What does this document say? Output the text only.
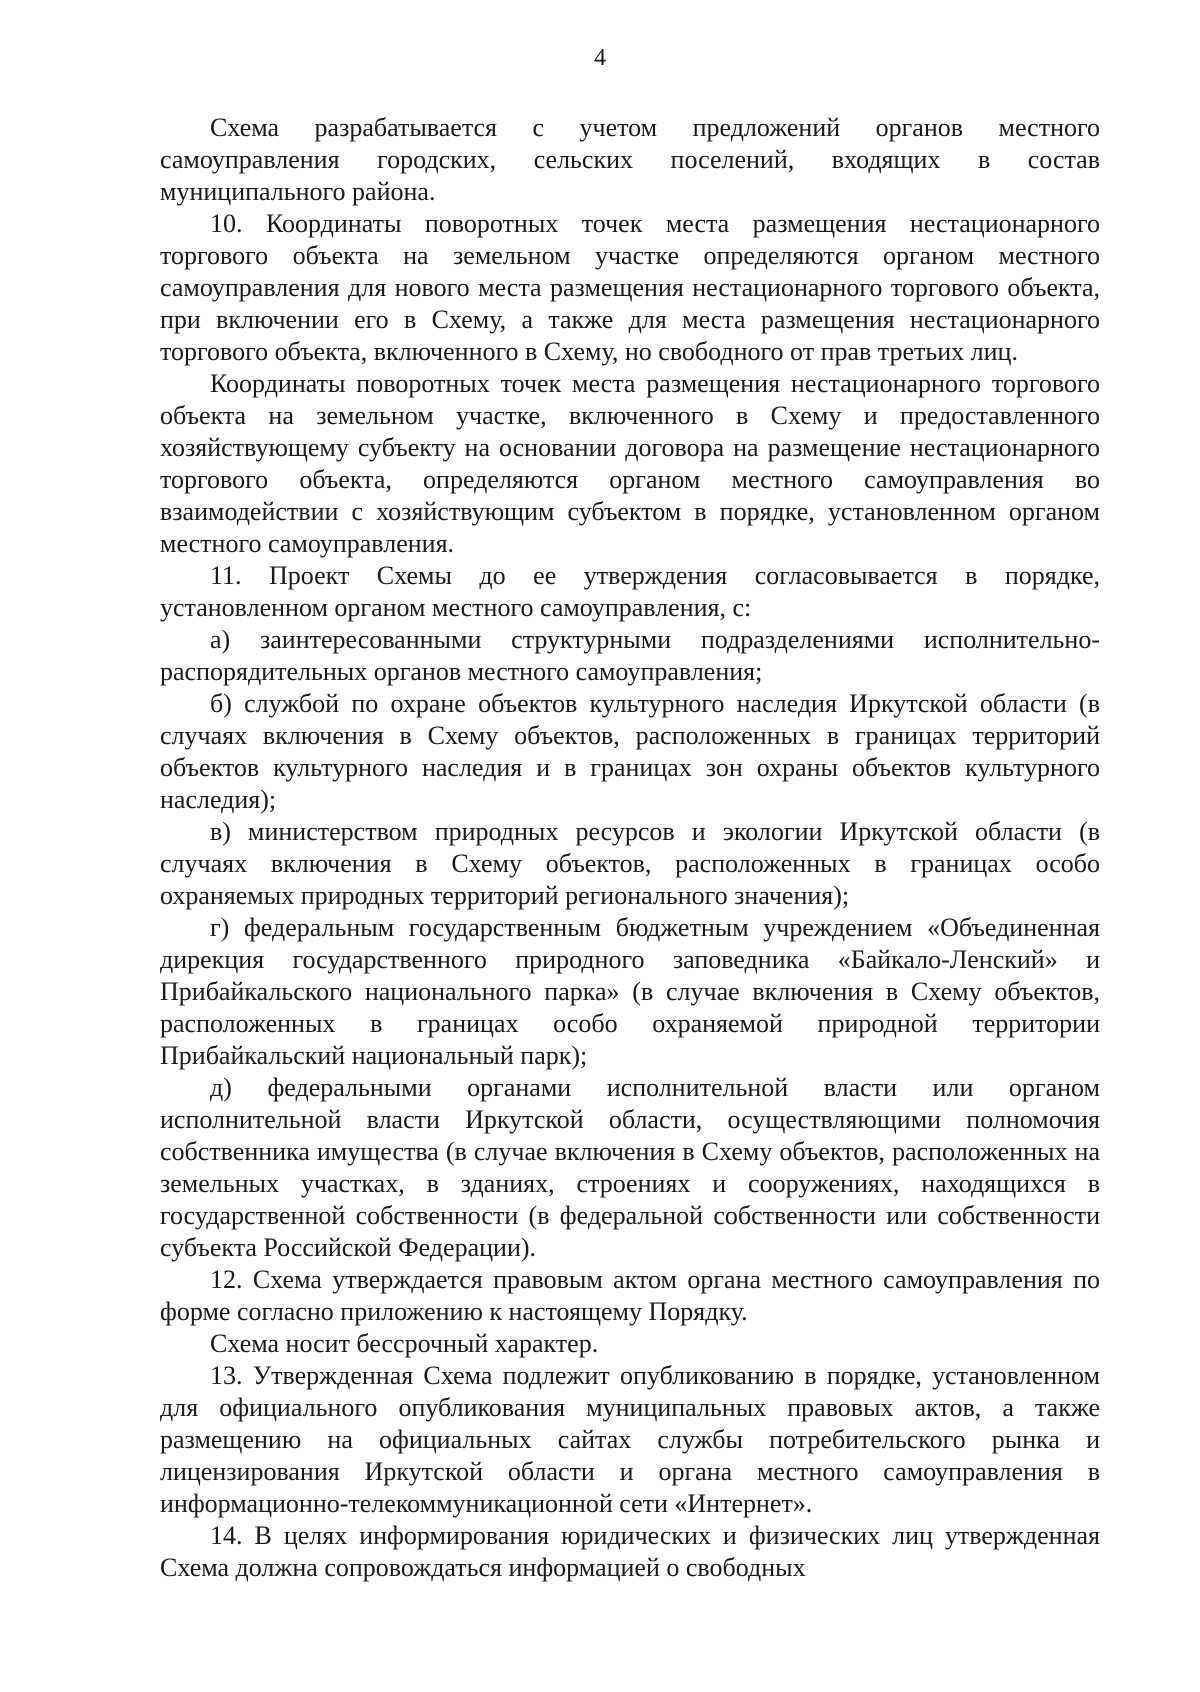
4

Схема разрабатывается с учетом предложений органов местного самоуправления городских, сельских поселений, входящих в состав муниципального района.

10. Координаты поворотных точек места размещения нестационарного торгового объекта на земельном участке определяются органом местного самоуправления для нового места размещения нестационарного торгового объекта, при включении его в Схему, а также для места размещения нестационарного торгового объекта, включенного в Схему, но свободного от прав третьих лиц.

Координаты поворотных точек места размещения нестационарного торгового объекта на земельном участке, включенного в Схему и предоставленного хозяйствующему субъекту на основании договора на размещение нестационарного торгового объекта, определяются органом местного самоуправления во взаимодействии с хозяйствующим субъектом в порядке, установленном органом местного самоуправления.

11. Проект Схемы до ее утверждения согласовывается в порядке, установленном органом местного самоуправления, с:

а) заинтересованными структурными подразделениями исполнительно-распорядительных органов местного самоуправления;

б) службой по охране объектов культурного наследия Иркутской области (в случаях включения в Схему объектов, расположенных в границах территорий объектов культурного наследия и в границах зон охраны объектов культурного наследия);

в) министерством природных ресурсов и экологии Иркутской области (в случаях включения в Схему объектов, расположенных в границах особо охраняемых природных территорий регионального значения);

г) федеральным государственным бюджетным учреждением «Объединенная дирекция государственного природного заповедника «Байкало-Ленский» и Прибайкальского национального парка» (в случае включения в Схему объектов, расположенных в границах особо охраняемой природной территории Прибайкальский национальный парк);

д) федеральными органами исполнительной власти или органом исполнительной власти Иркутской области, осуществляющими полномочия собственника имущества (в случае включения в Схему объектов, расположенных на земельных участках, в зданиях, строениях и сооружениях, находящихся в государственной собственности (в федеральной собственности или собственности субъекта Российской Федерации).

12. Схема утверждается правовым актом органа местного самоуправления по форме согласно приложению к настоящему Порядку.

Схема носит бессрочный характер.

13. Утвержденная Схема подлежит опубликованию в порядке, установленном для официального опубликования муниципальных правовых актов, а также размещению на официальных сайтах службы потребительского рынка и лицензирования Иркутской области и органа местного самоуправления в информационно-телекоммуникационной сети «Интернет».

14. В целях информирования юридических и физических лиц утвержденная Схема должна сопровождаться информацией о свободных
